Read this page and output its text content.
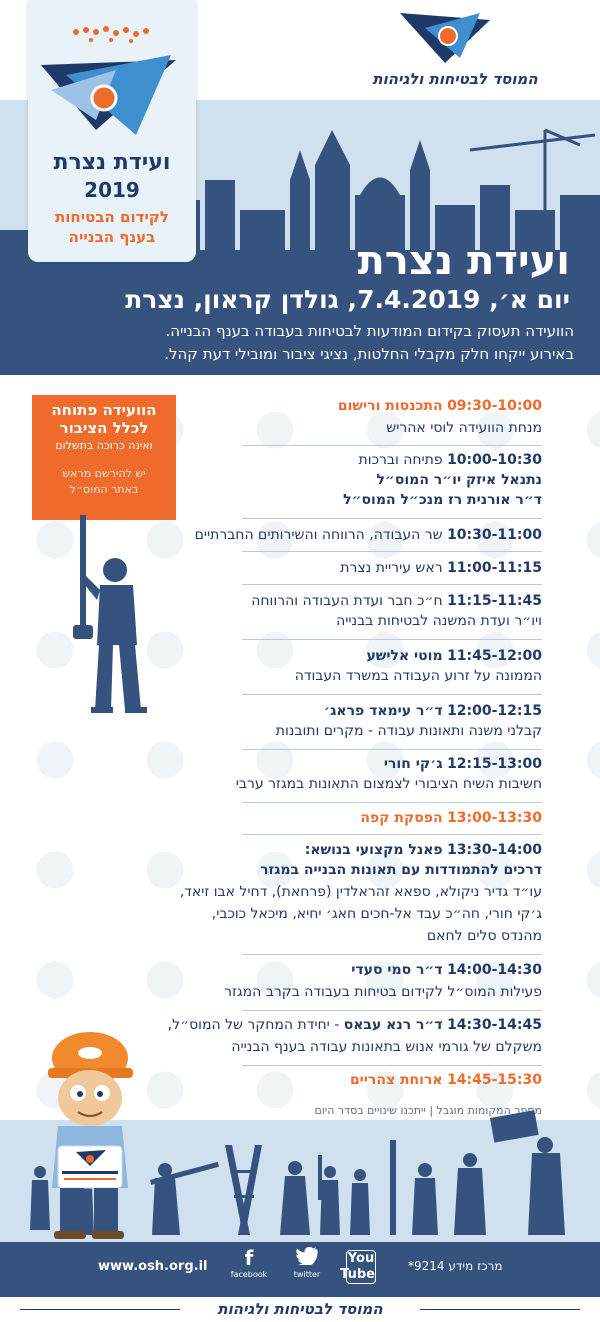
המוסד לבטיחות ולגיהות
ועידת נצרת
2019
לקידום הבטיחות
בענף הבנייה
ועידת נצרת
יום א׳, 7.4.2019, גולדן קראון, נצרת
הוועידה תעסוק בקידום המודעות לבטיחות בעבודה בענף הבנייה.
באירוע ייקחו חלק מקבלי החלטות, נציגי ציבור ומובילי דעת קהל.
הוועידה פתוחה
לכלל הציבור
ואינה כרוכה בתשלום
יש להירשם מראש
באתר המוס״ל
09:30-10:00 התכנסות ורישום
מנחת הוועידה לוסי אהריש
10:00-10:30 פתיחה וברכות
נתנאל איזק יו״ר המוס״ל
ד״ר אורנית רז מנכ״ל המוס״ל
10:30-11:00 שר העבודה, הרווחה והשירותים החברתיים
11:00-11:15 ראש עיריית נצרת
11:15-11:45 ח״כ חבר ועדת העבודה והרווחה
ויו״ר ועדת המשנה לבטיחות בבנייה
11:45-12:00 מוטי אלישע
הממונה על זרוע העבודה במשרד העבודה
12:00-12:15 ד״ר עימאד פראג׳
קבלני משנה ותאונות עבודה - מקרים ותובנות
12:15-13:00 ג׳קי חורי
חשיבות השיח הציבורי לצמצום התאונות במגזר ערבי
13:00-13:30 הפסקת קפה
13:30-14:00 פאנל מקצועי בנושא:
דרכים להתמודדות עם תאונות הבנייה במגזר
עו״ד גדיר ניקולא, ספאא זהראלדין (פרחאת), דחיל אבו זיאד,
ג׳קי חורי, חה״כ עבד אל-חכים חאג׳ יחיא, מיכאל כוכבי,
מהנדס סלים לחאם
14:00-14:30 ד״ר סמי סעדי
פעילות המוס״ל לקידום בטיחות בעבודה בקרב המגזר
14:30-14:45 ד״ר רנא עבאס - יחידת המחקר של המוס״ל,
משקלם של גורמי אנוש בתאונות עבודה בענף הבנייה
14:45-15:30 ארוחת צהריים
מספר המקומות מוגבל | ייתכנו שינויים בסדר היום
www.osh.org.il	f
facebook	twitter
You Tube
מרכז מידע 9214*
המוסד לבטיחות ולגיהות
